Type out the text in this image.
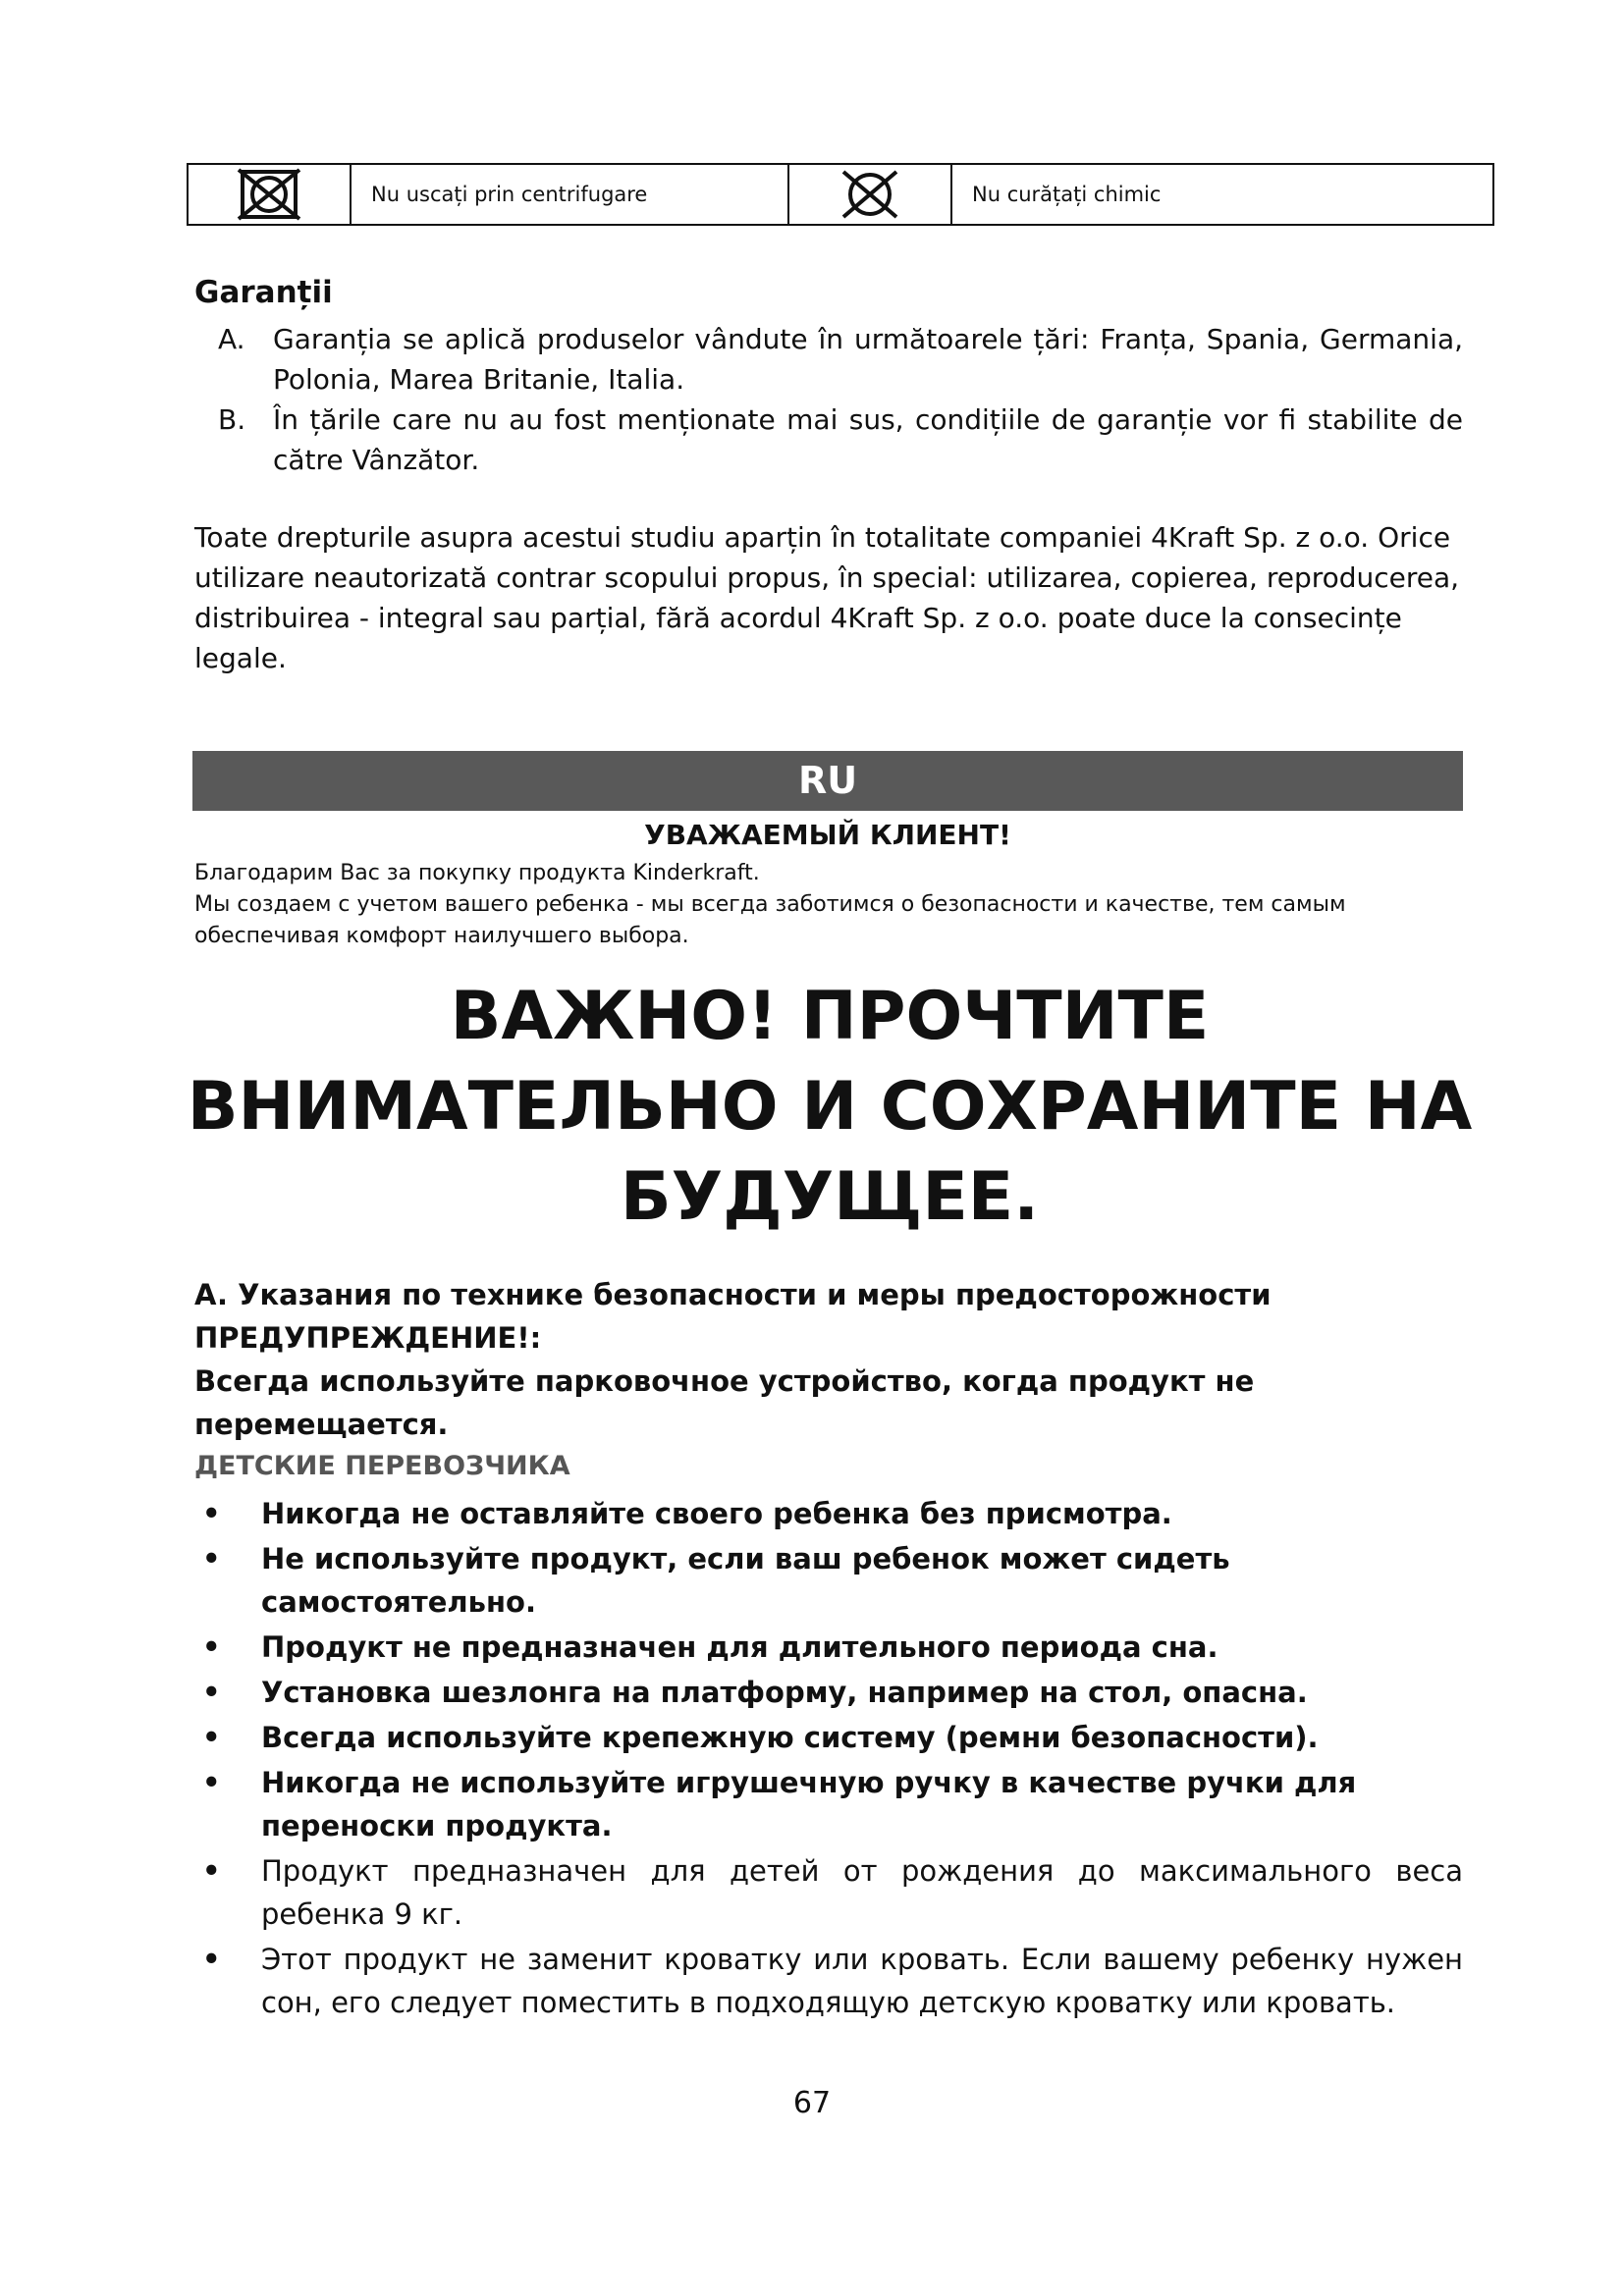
	Nu uscați prin centrifugare		Nu curățați chimic
Garanții
A. Garanția se aplică produselor vândute în următoarele țări: Franța, Spania, Germania, Polonia, Marea Britanie, Italia.
B. În țările care nu au fost menționate mai sus, condițiile de garanție vor fi stabilite de către Vânzător.

Toate drepturile asupra acestui studiu aparțin în totalitate companiei 4Kraft Sp. z o.o. Orice utilizare neautorizată contrar scopului propus, în special: utilizarea, copierea, reproducerea, distribuirea - integral sau parțial, fără acordul 4Kraft Sp. z o.o. poate duce la consecințe legale.

RU
УВАЖАЕМЫЙ КЛИЕНТ!
Благодарим Вас за покупку продукта Kinderkraft.
Мы создаем с учетом вашего ребенка - мы всегда заботимся о безопасности и качестве, тем самым обеспечивая комфорт наилучшего выбора.
ВАЖНО! ПРОЧТИТЕ ВНИМАТЕЛЬНО И СОХРАНИТЕ НА БУДУЩЕЕ.
A. Указания по технике безопасности и меры предосторожности
ПРЕДУПРЕЖДЕНИЕ!:
Всегда используйте парковочное устройство, когда продукт не перемещается.
ДЕТСКИЕ ПЕРЕВОЗЧИКА
• Никогда не оставляйте своего ребенка без присмотра.
• Не используйте продукт, если ваш ребенок может сидеть самостоятельно.
• Продукт не предназначен для длительного периода сна.
• Установка шезлонга на платформу, например на стол, опасна.
• Всегда используйте крепежную систему (ремни безопасности).
• Никогда не используйте игрушечную ручку в качестве ручки для переноски продукта.
• Продукт предназначен для детей от рождения до максимального веса ребенка 9 кг.
• Этот продукт не заменит кроватку или кровать. Если вашему ребенку нужен сон, его следует поместить в подходящую детскую кроватку или кровать.
67
